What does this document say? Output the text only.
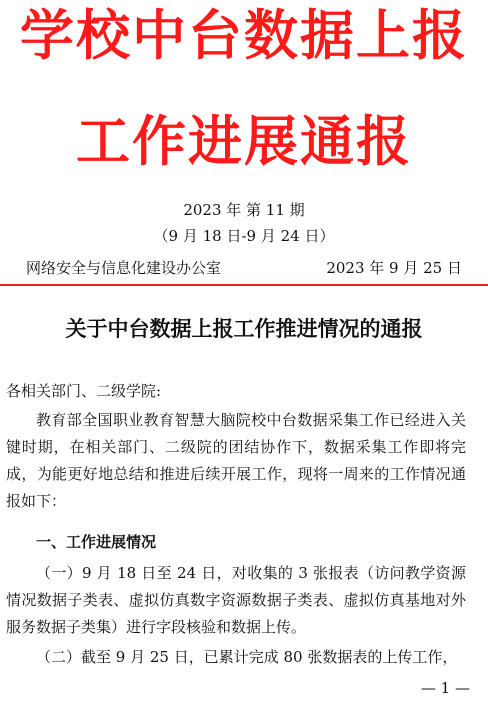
学校中台数据上报
工作进展通报
2023 年 第 11 期
（9 月 18 日-9 月 24 日）
网络安全与信息化建设办公室	2023 年 9 月 25 日
关于中台数据上报工作推进情况的通报

各相关部门、二级学院:

教育部全国职业教育智慧大脑院校中台数据采集工作已经进入关键时期，在相关部门、二级院的团结协作下，数据采集工作即将完成，为能更好地总结和推进后续开展工作，现将一周来的工作情况通报如下：

一、工作进展情况

（一）9 月 18 日至 24 日，对收集的 3 张报表（访问教学资源情况数据子类表、虚拟仿真数字资源数据子类表、虚拟仿真基地对外服务数据子类集）进行字段核验和数据上传。

（二）截至 9 月 25 日，已累计完成 80 张数据表的上传工作，

— 1 —
